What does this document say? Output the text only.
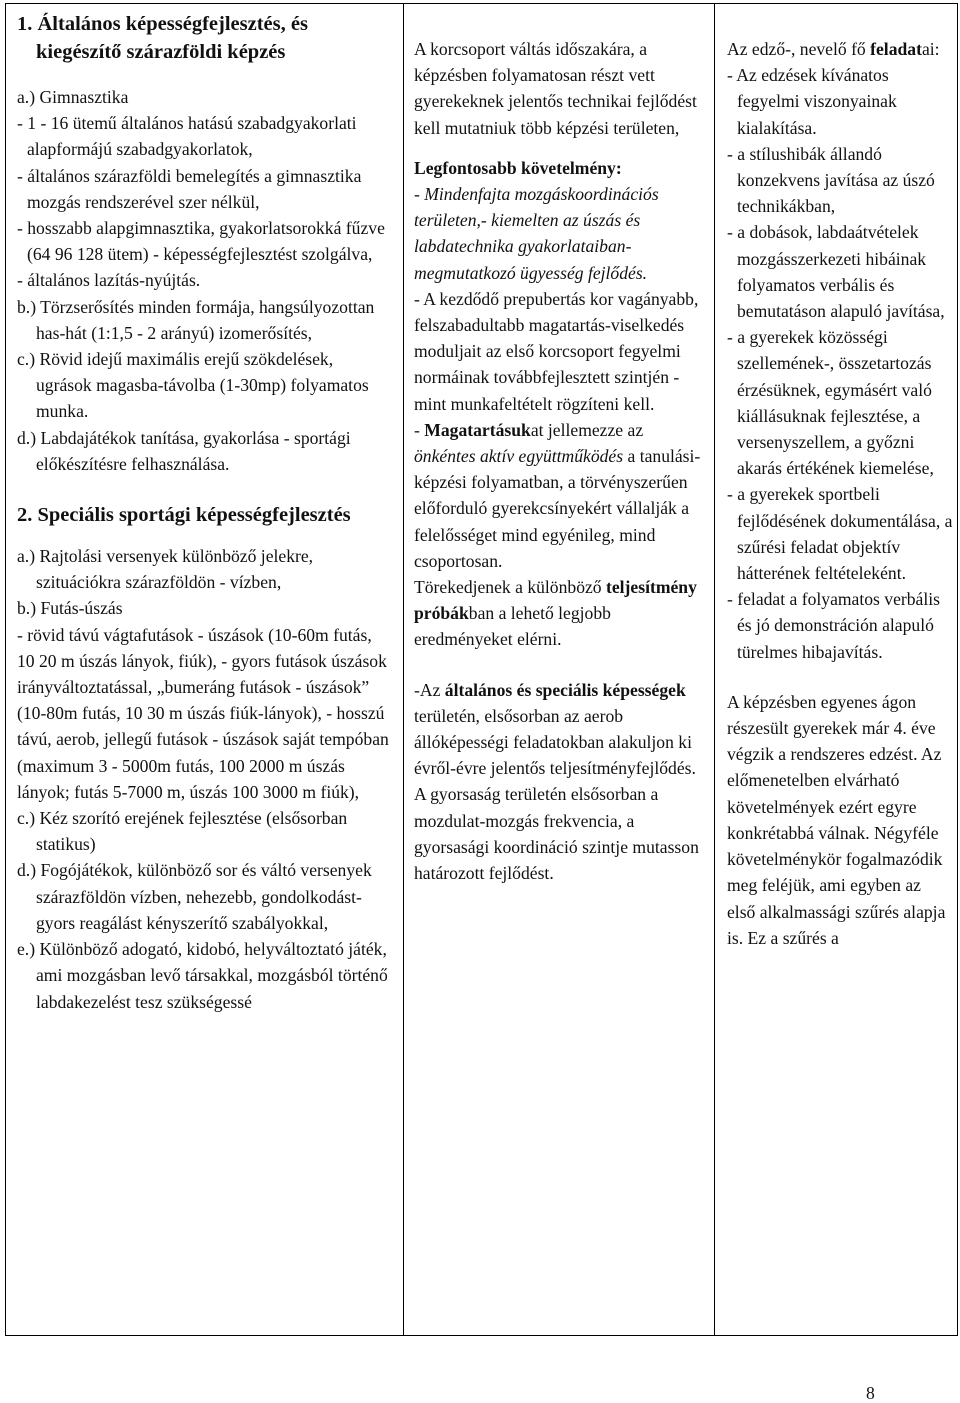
1. Általános képességfejlesztés, és kiegészítő szárazföldi képzés

a.) Gimnasztika

- 1 - 16 ütemű általános hatású szabadgyakorlati alapformájú szabadgyakorlatok,

- általános szárazföldi bemelegítés a gimnasztika mozgás rendszerével szer nélkül,

- hosszabb alapgimnasztika, gyakorlatsorokká fűzve (64 96 128 ütem) - képességfejlesztést szolgálva,

- általános lazítás-nyújtás.

b.) Törzserősítés minden formája, hangsúlyozottan has-hát (1:1,5 - 2 arányú) izomerősítés,

c.) Rövid idejű maximális erejű szökdelések, ugrások magasba-távolba (1-30mp) folyamatos munka.

d.) Labdajátékok tanítása, gyakorlása - sportági előkészítésre felhasználása.

2. Speciális sportági képességfejlesztés

a.) Rajtolási versenyek különböző jelekre, szituációkra szárazföldön - vízben,

b.) Futás-úszás

- rövid távú vágtafutások - úszások (10-60m futás, 10 20 m úszás lányok, fiúk), - gyors futások úszások irányváltoztatással, „bumeráng futások - úszások” (10-80m futás, 10 30 m úszás fiúk-lányok), - hosszú távú, aerob, jellegű futások - úszások saját tempóban (maximum 3 - 5000m futás, 100 2000 m úszás lányok; futás 5-7000 m, úszás 100 3000 m fiúk),

c.) Kéz szorító erejének fejlesztése (elsősorban statikus)

d.) Fogójátékok, különböző sor és váltó versenyek szárazföldön vízben, nehezebb, gondolkodást-gyors reagálást kényszerítő szabályokkal,

e.) Különböző adogató, kidobó, helyváltoztató játék, ami mozgásban levő társakkal, mozgásból történő labdakezelést tesz szükségessé

A korcsoport váltás időszakára, a képzésben folyamatosan részt vett gyerekeknek jelentős technikai fejlődést kell mutatniuk több képzési területen,

Legfontosabb követelmény:

- Mindenfajta mozgáskoordinációs területen,- kiemelten az úszás és labdatechnika gyakorlataiban- megmutatkozó ügyesség fejlődés.

- A kezdődő prepubertás kor vagányabb, felszabadultabb magatartás-viselkedés moduljait az első korcsoport fegyelmi normáinak továbbfejlesztett szintjén - mint munkafeltételt rögzíteni kell.

- Magatartásukat jellemezze az önkéntes aktív együttműködés a tanulási-képzési folyamatban, a törvényszerűen előforduló gyerekcsínyekért vállalják a felelősséget mind egyénileg, mind csoportosan.

Törekedjenek a különböző teljesítmény próbákban a lehető legjobb eredményeket elérni.

-Az általános és speciális képességek területén, elsősorban az aerob állóképességi feladatokban alakuljon ki évről-évre jelentős teljesítményfejlődés. A gyorsaság területén elsősorban a mozdulat-mozgás frekvencia, a gyorsasági koordináció szintje mutasson határozott fejlődést.

Az edző-, nevelő fő feladatai:

- Az edzések kívánatos fegyelmi viszonyainak kialakítása.

- a stílushibák állandó konzekvens javítása az úszó technikákban,

- a dobások, labdaátvételek mozgásszerkezeti hibáinak folyamatos verbális és bemutatáson alapuló javítása,

- a gyerekek közösségi szellemének-, összetartozás érzésüknek, egymásért való kiállásuknak fejlesztése, a versenyszellem, a győzni akarás értékének kiemelése,

- a gyerekek sportbeli fejlődésének dokumentálása, a szűrési feladat objektív hátterének feltételeként.

- feladat a folyamatos verbális és jó demonstráción alapuló türelmes hibajavítás.

A képzésben egyenes ágon részesült gyerekek már 4. éve végzik a rendszeres edzést. Az előmenetelben elvárható követelmények ezért egyre konkrétabbá válnak. Négyféle követelménykör fogalmazódik meg feléjük, ami egyben az első alkalmassági szűrés alapja is. Ez a szűrés a

8
